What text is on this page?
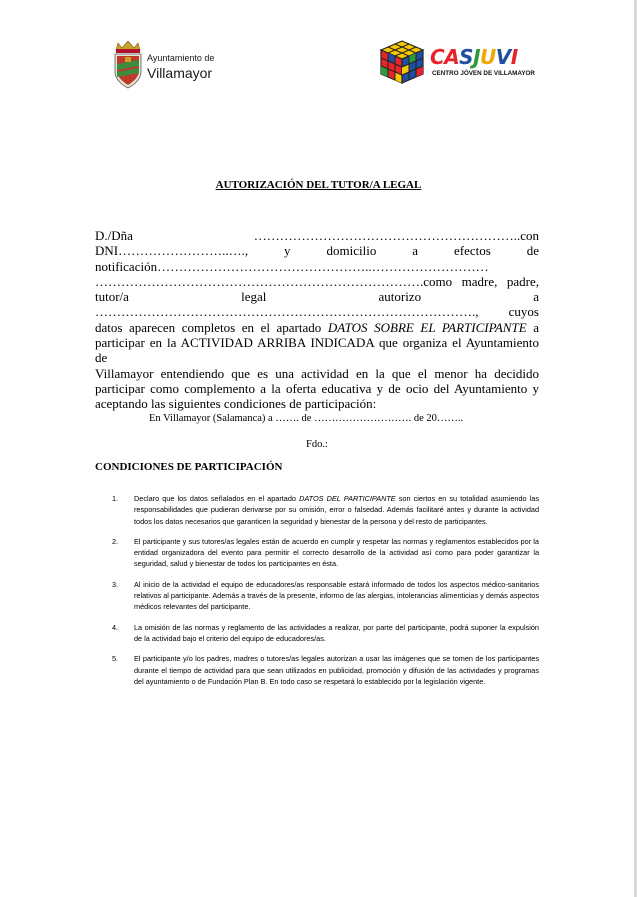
Ayuntamiento de
Villamayor
CASJUVI
CENTRO JÓVEN DE VILLAMAYOR
AUTORIZACIÓN DEL TUTOR/A LEGAL
D./Dña ……………………………………………………..con
DNI……………………..…., y domicilio a efectos de
notificación…………………………………………..………………………
………………………………………………………………….como madre, padre,
tutor/a legal autorizo a
……………………………………………………………………………., cuyos
datos aparecen completos en el apartado DATOS SOBRE EL PARTICIPANTE a
participar en la ACTIVIDAD ARRIBA INDICADA que organiza el Ayuntamiento de
Villamayor entendiendo que es una actividad en la que el menor ha decidido
participar como complemento a la oferta educativa y de ocio del Ayuntamiento y
aceptando las siguientes condiciones de participación:
En Villamayor (Salamanca) a ……. de ………………………. de 20……..
Fdo.:
CONDICIONES DE PARTICIPACIÓN
1. Declaro que los datos señalados en el apartado DATOS DEL PARTICIPANTE son ciertos en su totalidad asumiendo las responsabilidades que pudieran derivarse por su omisión, error o falsedad. Además facilitaré antes y durante la actividad todos los datos necesarios que garanticen la seguridad y bienestar de la persona y del resto de participantes.
2. El participante y sus tutores/as legales están de acuerdo en cumplir y respetar las normas y reglamentos establecidos por la entidad organizadora del evento para permitir el correcto desarrollo de la actividad así como para poder garantizar la seguridad, salud y bienestar de todos los participantes en ésta.
3. Al inicio de la actividad el equipo de educadores/as responsable estará informado de todos los aspectos médico-sanitarios relativos al participante. Además a través de la presente, informo de las alergias, intolerancias alimenticias y demás aspectos médicos relevantes del participante.
4. La omisión de las normas y reglamento de las actividades a realizar, por parte del participante, podrá suponer la expulsión de la actividad bajo el criterio del equipo de educadores/as.
5. El participante y/o los padres, madres o tutores/as legales autorizan a usar las imágenes que se tomen de los participantes durante el tiempo de actividad para que sean utilizados en publicidad, promoción y difusión de las actividades y programas del ayuntamiento o de Fundación Plan B. En todo caso se respetará lo establecido por la legislación vigente.
